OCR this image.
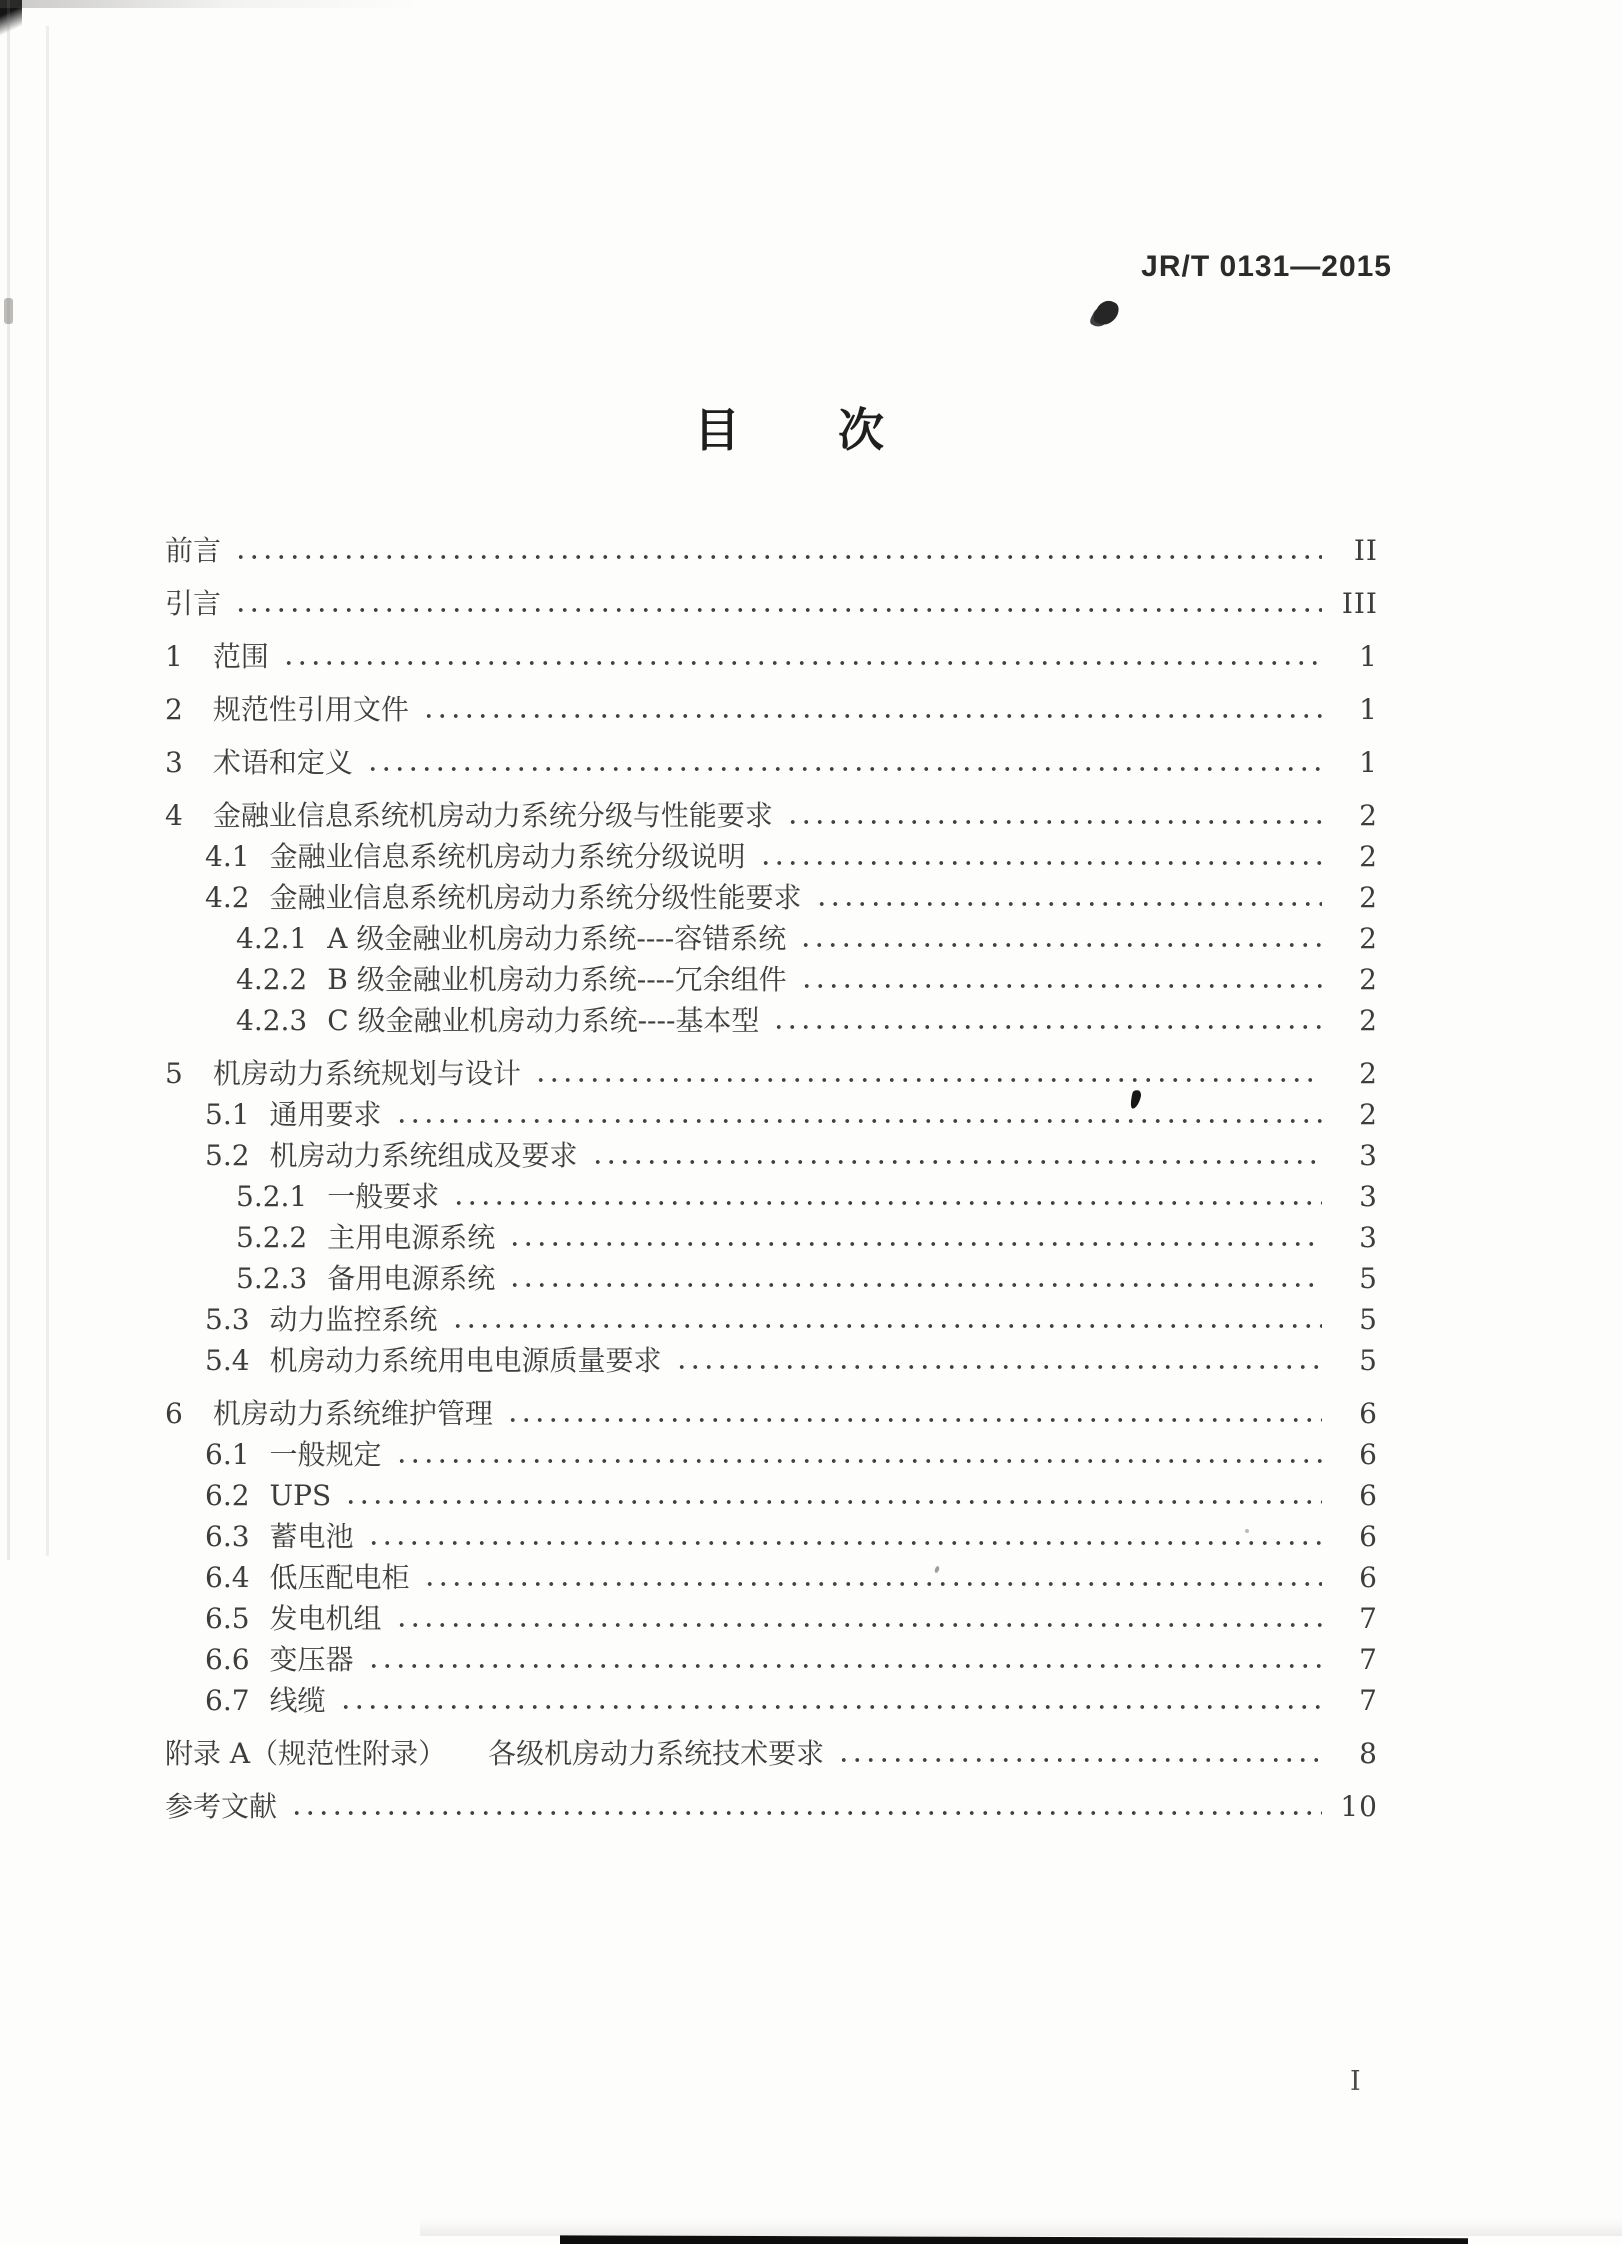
JR/T 0131—2015
目　　次
前言	II
引言	III
1 范围	1
2 规范性引用文件	1
3 术语和定义	1
4 金融业信息系统机房动力系统分级与性能要求	2
4.1 金融业信息系统机房动力系统分级说明	2
4.2 金融业信息系统机房动力系统分级性能要求	2
4.2.1 A 级金融业机房动力系统----容错系统	2
4.2.2 B 级金融业机房动力系统----冗余组件	2
4.2.3 C 级金融业机房动力系统----基本型	2
5 机房动力系统规划与设计	2
5.1 通用要求	2
5.2 机房动力系统组成及要求	3
5.2.1 一般要求	3
5.2.2 主用电源系统	3
5.2.3 备用电源系统	5
5.3 动力监控系统	5
5.4 机房动力系统用电电源质量要求	5
6 机房动力系统维护管理	6
6.1 一般规定	6
6.2 UPS	6
6.3 蓄电池	6
6.4 低压配电柜	6
6.5 发电机组	7
6.6 变压器	7
6.7 线缆	7
附录 A（规范性附录）　　各级机房动力系统技术要求	8
参考文献	10
I
